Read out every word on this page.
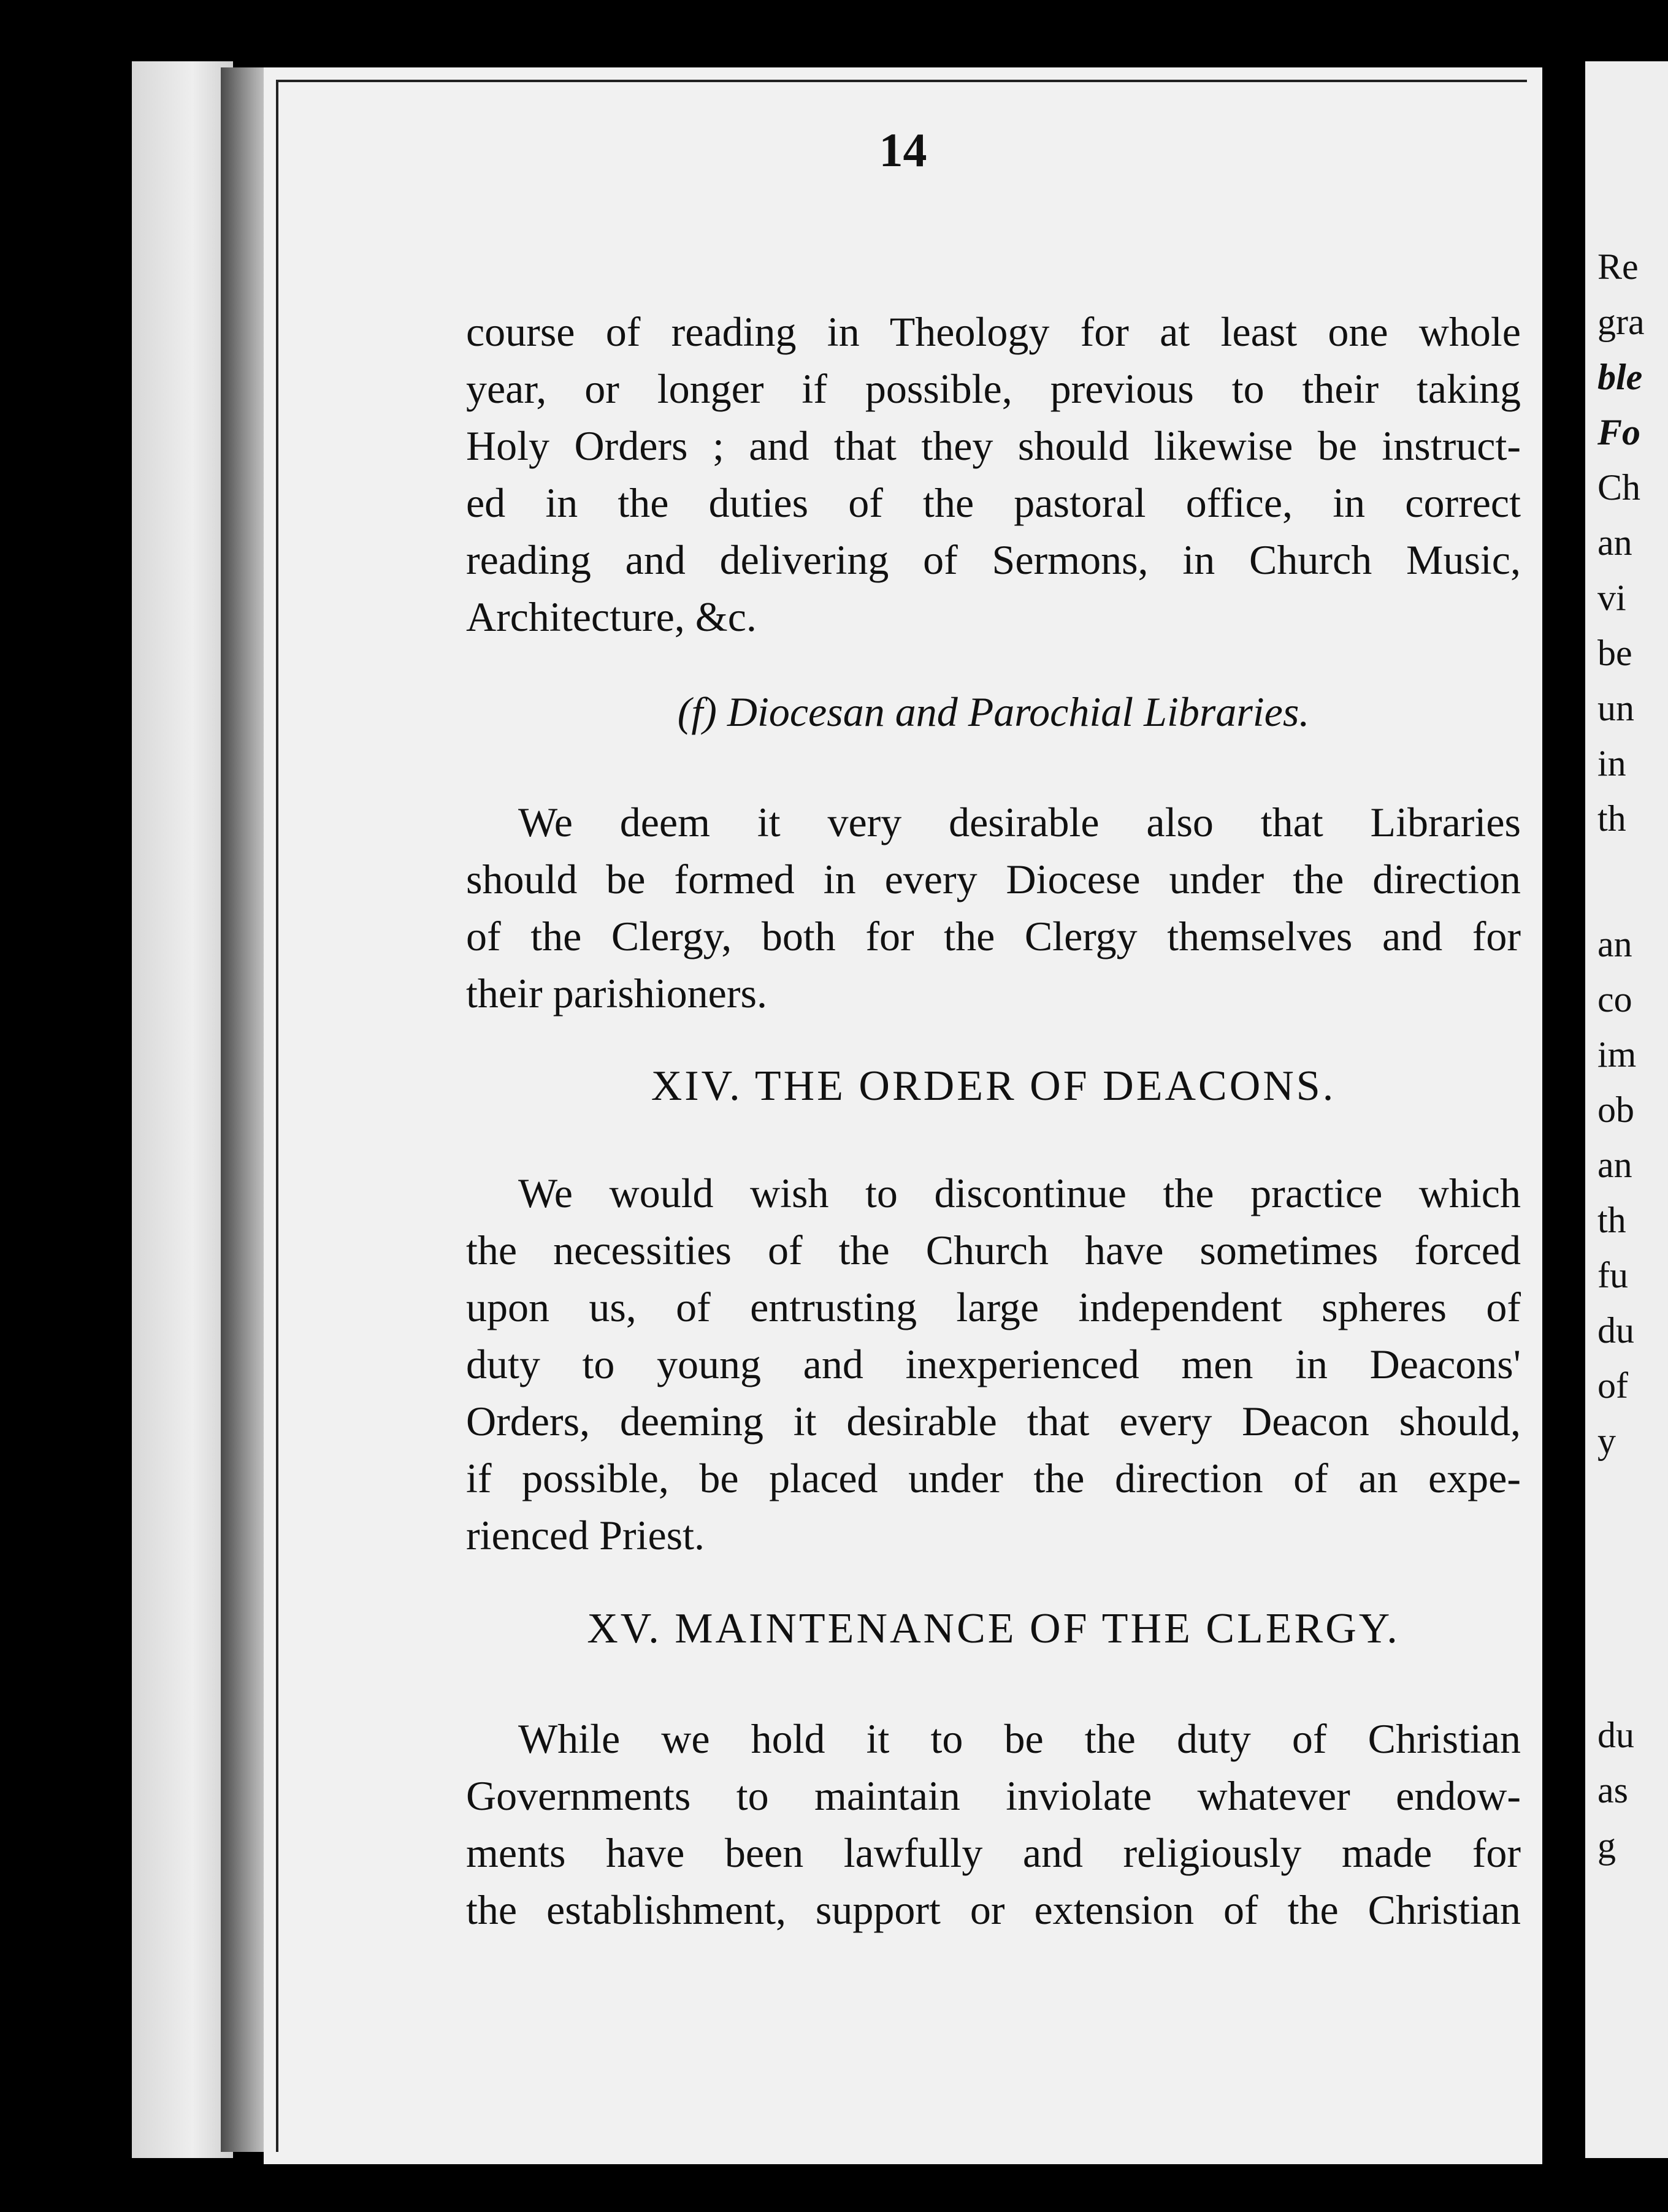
14
course of reading in Theology for at least one whole
year, or longer if possible, previous to their taking
Holy Orders ; and that they should likewise be instruct-
ed in the duties of the pastoral office, in correct
reading and delivering of Sermons, in Church Music,
Architecture, &c.
(f) Diocesan and Parochial Libraries.
We deem it very desirable also that Libraries
should be formed in every Diocese under the direction
of the Clergy, both for the Clergy themselves and for
their parishioners.
XIV. THE ORDER OF DEACONS.
We would wish to discontinue the practice which
the necessities of the Church have sometimes forced
upon us, of entrusting large independent spheres of
duty to young and inexperienced men in Deacons'
Orders, deeming it desirable that every Deacon should,
if possible, be placed under the direction of an expe-
rienced Priest.
XV. MAINTENANCE OF THE CLERGY.
While we hold it to be the duty of Christian
Governments to maintain inviolate whatever endow-
ments have been lawfully and religiously made for
the establishment, support or extension of the Christian
Re
gra
ble
Fo
Ch
an
vi
be
un
in
th
an
co
im
ob
an
th
fu
du
of
y
du
as
g
